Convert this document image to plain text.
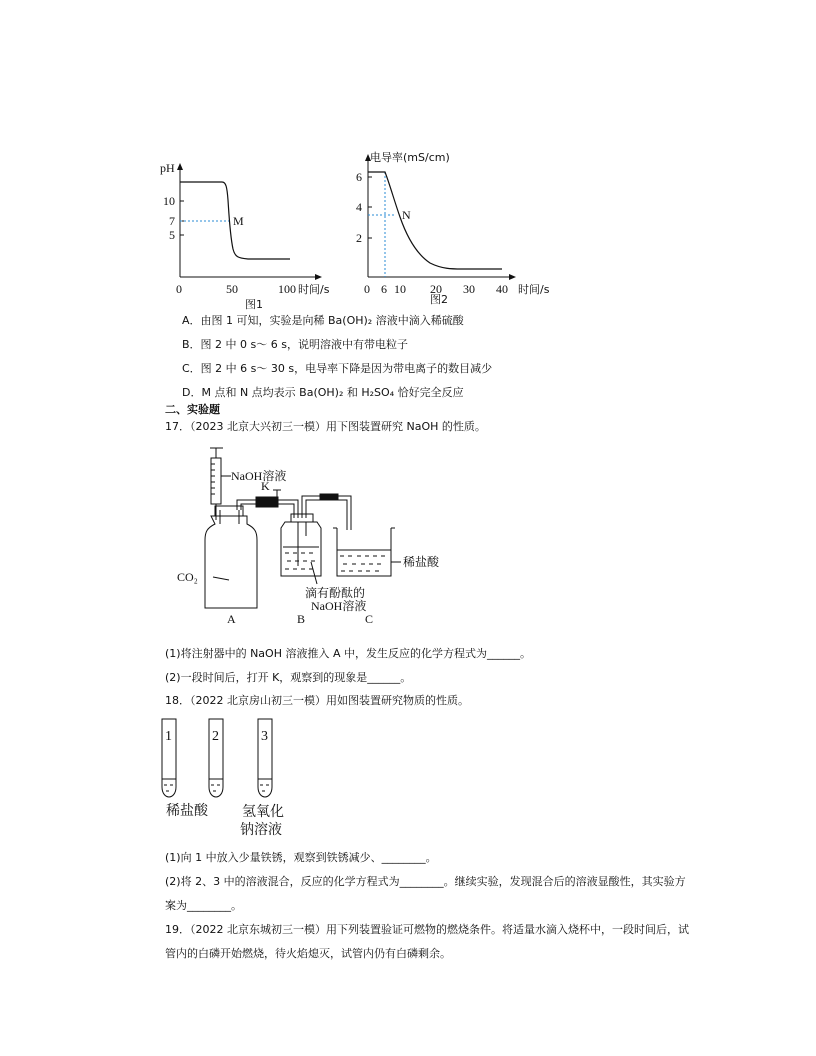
pH
10
7
5
0	50	100 时间/s
M
图1
电导率(mS/cm)
6
4
2
0 6 10 20 30 40 时间/s
N
图2
A．由图 1 可知，实验是向稀 Ba(OH)₂ 溶液中滴入稀硫酸
B．图 2 中 0 s～ 6 s，说明溶液中有带电粒子
C．图 2 中 6 s～ 30 s，电导率下降是因为带电离子的数目减少
D．M 点和 N 点均表示 Ba(OH)₂ 和 H₂SO₄ 恰好完全反应
二、实验题
17．（2023 北京大兴初三一模）用下图装置研究 NaOH 的性质。
NaOH溶液
CO₂
K
滴有酚酞的
NaOH溶液
稀盐酸
A	B	C
(1)将注射器中的 NaOH 溶液推入 A 中，发生反应的化学方程式为______。
(2)一段时间后，打开 K，观察到的现象是______。
18．（2022 北京房山初三一模）用如图装置研究物质的性质。
1	2	3
稀盐酸 氢氧化
钠溶液
(1)向 1 中放入少量铁锈，观察到铁锈减少、________。
(2)将 2、3 中的溶液混合，反应的化学方程式为________。继续实验，发现混合后的溶液显酸性，其实验方
案为________。
19．（2022 北京东城初三一模）用下列装置验证可燃物的燃烧条件。将适量水滴入烧杯中，一段时间后，试
管内的白磷开始燃烧，待火焰熄灭，试管内仍有白磷剩余。
